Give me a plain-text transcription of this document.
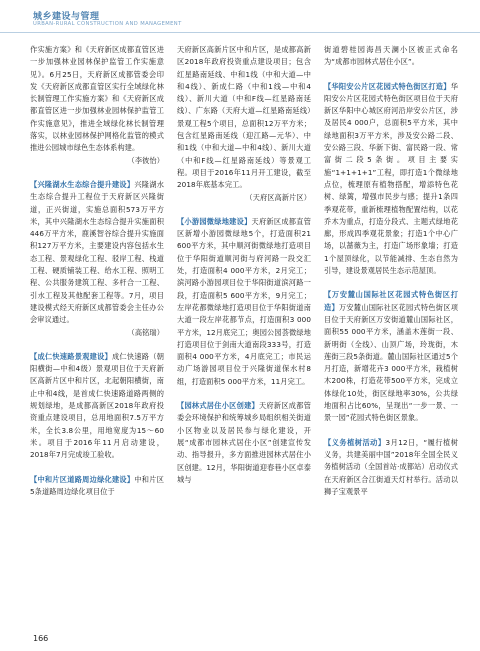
城乡建设与管理
URBAN-RURAL CONSTRUCTION AND MANAGEMENT

作实施方案》和《天府新区成都直管区进一步加强林业园林保护监管工作实施意见》。6月25日，天府新区成都管委会印发《天府新区成都直管区实行全域绿化林长制管理工作实施方案》和《天府新区成都直管区进一步加强林业园林保护监管工作实施意见》，推进全域绿化林长制管理落实，以林业园林保护网格化监管的模式推进公园城市绿色生态体系构建。

（李彼怡）

【兴隆湖水生态综合提升建设】兴隆湖水生态综合提升工程位于天府新区兴隆街道，正兴街道，实施总面积573万平方米，其中兴隆湖水生态综合提升实施面积446万平方米，鹿溪智谷综合提升实施面积127万平方米，主要建设内容包括水生态工程、景观绿化工程、驳岸工程、栈道工程、硬质铺装工程、给水工程、照明工程、公共服务建筑工程、多杆合一工程、引水工程及其他配套工程等。7月，项目建设模式经天府新区成都管委会主任办公会审议通过。

（高铭瑞）

【成仁快速路景观建设】成仁快速路（朝阳横街—中和4级）景观项目位于天府新区高新片区中和片区，北起朝阳横街，南止中和4线，是首成仁快速路道路两侧的规划绿地，是成都高新区2018年政府投资重点建设项目，总用地面积7.5万平方米，全长3.8公里，用地宽度为15～60米。项目于2016年11月启动建设，2018年7月完成竣工验收。

【中和片区道路周边绿化建设】中和片区5条道路周边绿化项目位于

天府新区高新片区中和片区，是成都高新区2018年政府投资重点建设项目；包含红星路南延线、中和1线（中和大道—中和4线）、新成仁路（中和1线—中和4线）、新川大道（中和F线—红星路南延线）、广东路（天府大道—红星路南延线）景观工程5个项目，总面积12万平方米；包含红星路南延线（迎江路—元华）、中和1线（中和大道—中和4线）、新川大道（中和F线—红星路南延线）等景观工程。项目于2016年11月开工建设，截至2018年底基本完工。

（天府区高新片区）

【小游园微绿地建设】天府新区成都直管区新增小游园微绿地5个，打造面积21 600平方米，其中顺河街微绿地打造项目位于华阳街道顺河街与府河路一段交汇处，打造面积4 000平方米，2月完工；滨河路小游园项目位于华阳街道滨河路一段，打造面积5 600平方米，9月完工；左岸花都微绿地打造项目位于华阳街道南大道一段左岸花都节点，打造面积3 000平方米，12月底完工；奥园公园荟微绿地打造项目位于剑南大道南段333号，打造面积4 000平方米，4月底完工；市民运动广场游园项目位于兴隆街道保水村8组，打造面积5 000平方米，11月完工。

【园林式居住小区创建】天府新区成都管委会环境保护和统筹城乡局组织相关街道小区物业以及居民参与绿化建设，开展“成都市园林式居住小区”创建宣传发动、指导报升，多方面推进园林式居住小区创建。12月，华阳街道迎春巷小区卓泰城与

街道碧桂园海昌天澜小区被正式命名为“成都市园林式居住小区”。

【华阳安公片区花园式特色街区打造】华阳安公片区花园式特色街区项目位于天府新区华阳中心城区府河沿岸安公片区，涉及居民4 000户，总面积5平方米，其中绿地面积3万平方米，涉及安公路二段、安公路三段、华新下街、富民路一段、常富街二段5条街。项目主要实施“1+1+1+1”工程，即打造1个微绿地点位，梳理原有植物搭配，增添特色花树、绿篱，增强市民步与感；提升1条四季观花带，重新梳理植物配置结构，以花乔木为重点，打造分段式、主题式绿地花廊，形成四季观花景象；打造1个中心广场，以蔷薇为主，打造广场形象墙；打造1个屋顶绿化，以节能减排、生态自然为引导，建设景观居民生态示范屋顶。

【万安麓山国际社区花园式特色街区打造】万安麓山国际社区花园式特色街区项目位于天府新区万安街道麓山国际社区，面积55 000平方米，涵盖木莲街一段、新明街（全线）、山顶广场，玲珑街，木莲街三段5条街道。麓山国际社区通过5个月打造，新增花卉3 000平方米，栽植树木200株，打造花带500平方米，完成立体绿化10处，街区绿地率30%，公共绿地面积占比60%，呈现出“一步一景、一景一园”花园式特色街区景象。

【义务植树活动】3月12日，“履行植树义务，共建美丽中国”2018年全国全民义务植树活动（全国首站·成都站）启动仪式在天府新区合江街道天灯村举行。活动以狮子宝观景平

166
